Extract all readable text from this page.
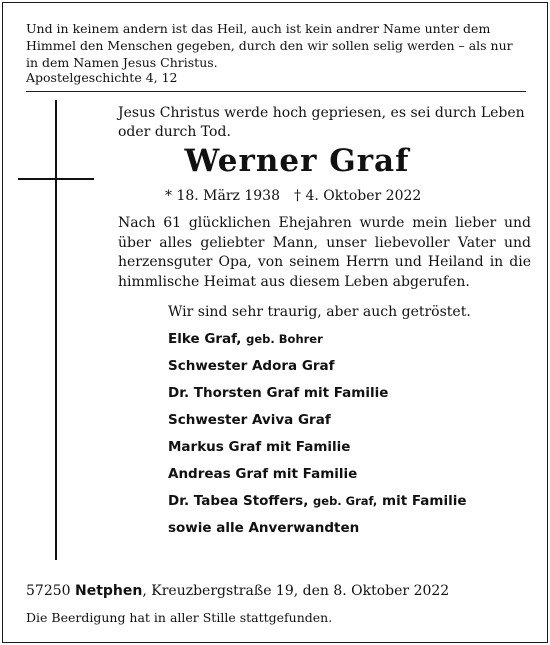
Und in keinem andern ist das Heil, auch ist kein andrer Name unter dem Himmel den Menschen gegeben, durch den wir sollen selig werden – als nur in dem Namen Jesus Christus.
Apostelgeschichte 4, 12
Jesus Christus werde hoch gepriesen, es sei durch Leben oder durch Tod.
Werner Graf
* 18. März 1938 † 4. Oktober 2022
Nach 61 glücklichen Ehejahren wurde mein lieber und über alles geliebter Mann, unser liebevoller Vater und herzensguter Opa, von seinem Herrn und Heiland in die himmlische Heimat aus diesem Leben abgerufen.
Wir sind sehr traurig, aber auch getröstet.
Elke Graf, geb. Bohrer
Schwester Adora Graf
Dr. Thorsten Graf mit Familie
Schwester Aviva Graf
Markus Graf mit Familie
Andreas Graf mit Familie
Dr. Tabea Stoffers, geb. Graf, mit Familie
sowie alle Anverwandten
57250 Netphen, Kreuzbergstraße 19, den 8. Oktober 2022
Die Beerdigung hat in aller Stille stattgefunden.
